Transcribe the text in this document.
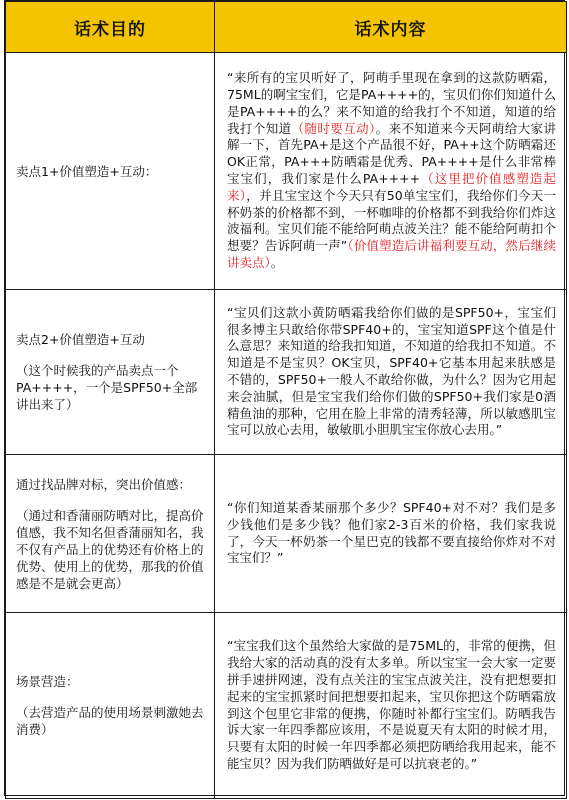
话术目的	话术内容

卖点1+价值塑造+互动：	“来所有的宝贝听好了，阿萌手里现在拿到的这款防晒霜，75ML的啊宝宝们，它是PA++++的，宝贝们你们知道什么是PA++++的么？来不知道的给我打个不知道，知道的给我打个知道（随时要互动）。来不知道来今天阿萌给大家讲解一下，首先PA+是这个产品很不好，PA++这个防晒霜还OK正常，PA+++防晒霜是优秀、PA++++是什么非常棒宝宝们，我们家是什么PA++++（这里把价值感塑造起来），并且宝宝这个今天只有50单宝宝们，我给你们今天一杯奶茶的价格都不到，一杯咖啡的价格都不到我给你们炸这波福利。宝贝们能不能给阿萌点波关注？能不能给阿萌扣个想要？告诉阿萌一声”（价值塑造后讲福利要互动，然后继续讲卖点）。

卖点2+价值塑造+互动
（这个时候我的产品卖点一个PA++++，一个是SPF50+全部讲出来了）	“宝贝们这款小黄防晒霜我给你们做的是SPF50+，宝宝们很多博主只敢给你带SPF40+的，宝宝知道SPF这个值是什么意思？来知道的给我扣知道，不知道的给我扣不知道。不知道是不是宝贝？OK宝贝，SPF40+它基本用起来肤感是不错的，SPF50+一般人不敢给你做，为什么？因为它用起来会油腻，但是宝宝我们给你们做的SPF50+我们家是0酒精鱼油的那种，它用在脸上非常的清秀轻薄，所以敏感肌宝宝可以放心去用，敏敏肌小胆肌宝宝你放心去用。”

通过找品牌对标，突出价值感：
（通过和香蒲丽防晒对比，提高价值感，我不知名但香蒲丽知名，我不仅有产品上的优势还有价格上的优势、使用上的优势，那我的价值感是不是就会更高）	“你们知道某香某丽那个多少？SPF40+对不对？我们是多少钱他们是多少钱？他们家2-3百米的价格，我们家我说了，今天一杯奶茶一个星巴克的钱都不要直接给你炸对不对宝宝们？”

场景营造：
（去营造产品的使用场景刺激她去消费）	“宝宝我们这个虽然给大家做的是75ML的，非常的便携，但我给大家的活动真的没有太多单。所以宝宝一会大家一定要拼手速拼网速，没有点关注的宝宝点波关注，没有把想要扣起来的宝宝抓紧时间把想要扣起来，宝贝你把这个防晒霜放到这个包里它非常的便携，你随时补都行宝宝们。防晒我告诉大家一年四季都应该用，不是说夏天有太阳的时候才用，只要有太阳的时候一年四季都必须把防晒给我用起来，能不能宝贝？因为我们防晒做好是可以抗衰老的。”
